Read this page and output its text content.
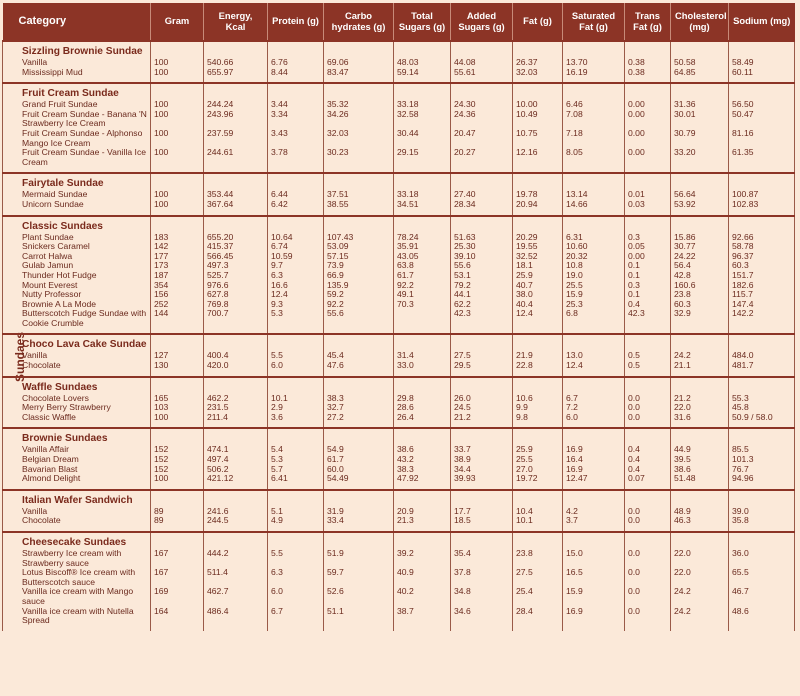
Sundaes
Category	Gram	Energy, Kcal	Protein (g)	Carbo hydrates (g)	Total Sugars (g)	Added Sugars (g)	Fat (g)	Saturated Fat (g)	Trans Fat (g)	Cholesterol (mg)	Sodium (mg)
Sizzling Brownie Sundae											
Vanilla	100	540.66	6.76	69.06	48.03	44.08	26.37	13.70	0.38	50.58	58.49
Mississippi Mud	100	655.97	8.44	83.47	59.14	55.61	32.03	16.19	0.38	64.85	60.11
Fruit Cream Sundae											
Grand Fruit Sundae	100	244.24	3.44	35.32	33.18	24.30	10.00	6.46	0.00	31.36	56.50
Fruit Cream Sundae - Banana 'N Strawberry Ice Cream	100	243.96	3.34	34.26	32.58	24.36	10.49	7.08	0.00	30.01	50.47
Fruit Cream Sundae - Alphonso Mango Ice Cream	100	237.59	3.43	32.03	30.44	20.47	10.75	7.18	0.00	30.79	81.16
Fruit Cream Sundae - Vanilla Ice Cream	100	244.61	3.78	30.23	29.15	20.27	12.16	8.05	0.00	33.20	61.35
Fairytale Sundae											
Mermaid Sundae	100	353.44	6.44	37.51	33.18	27.40	19.78	13.14	0.01	56.64	100.87
Unicorn Sundae	100	367.64	6.42	38.55	34.51	28.34	20.94	14.66	0.03	53.92	102.83
Classic Sundaes											
Plant Sundae	183	655.20	10.64	107.43	78.24	51.63	20.29	6.31	0.3	15.86	92.66
Snickers Caramel	142	415.37	6.74	53.09	35.91	25.30	19.55	10.60	0.05	30.77	58.78
Carrot Halwa	177	566.45	10.59	57.15	43.05	39.10	32.52	20.32	0.00	24.22	96.37
Gulab Jamun	173	497.3	9.7	73.9	63.8	55.6	18.1	10.8	0.1	56.4	60.3
Thunder Hot Fudge	187	525.7	6.3	66.9	61.7	53.1	25.9	19.0	0.1	42.8	151.7
Mount Everest	354	976.6	16.6	135.9	92.2	79.2	40.7	25.5	0.3	160.6	182.6
Nutty Professor	156	627.8	12.4	59.2	49.1	44.1	38.0	15.9	0.1	23.8	115.7
Brownie A La Mode	252	769.8	9.3	92.2	70.3	62.2	40.4	25.3	0.4	60.3	147.4
Butterscotch Fudge Sundae with Cookie Crumble	144	700.7	5.3	55.6		42.3	12.4	6.8	42.3	32.9	142.2
Choco Lava Cake Sundae											
Vanilla	127	400.4	5.5	45.4	31.4	27.5	21.9	13.0	0.5	24.2	484.0
Chocolate	130	420.0	6.0	47.6	33.0	29.5	22.8	12.4	0.5	21.1	481.7
Waffle Sundaes											
Chocolate Lovers	165	462.2	10.1	38.3	29.8	26.0	10.6	6.7	0.0	21.2	55.3
Merry Berry Strawberry	103	231.5	2.9	32.7	28.6	24.5	9.9	7.2	0.0	22.0	45.8
Classic Waffle	100	211.4	3.6	27.2	26.4	21.2	9.8	6.0	0.0	31.6	50.9 / 58.0
Brownie Sundaes											
Vanilla Affair	152	474.1	5.4	54.9	38.6	33.7	25.9	16.9	0.4	44.9	85.5
Belgian Dream	152	497.4	5.3	61.7	43.2	38.9	25.5	16.4	0.4	39.5	101.3
Bavarian Blast	152	506.2	5.7	60.0	38.3	34.4	27.0	16.9	0.4	38.6	76.7
Almond Delight	100	421.12	6.41	54.49	47.92	39.93	19.72	12.47	0.07	51.48	94.96
Italian Wafer Sandwich											
Vanilla	89	241.6	5.1	31.9	20.9	17.7	10.4	4.2	0.0	48.9	39.0
Chocolate	89	244.5	4.9	33.4	21.3	18.5	10.1	3.7	0.0	46.3	35.8
Cheesecake Sundaes											
Strawberry Ice cream with Strawberry sauce	167	444.2	5.5	51.9	39.2	35.4	23.8	15.0	0.0	22.0	36.0
Lotus Biscoff® Ice cream with Butterscotch sauce	167	511.4	6.3	59.7	40.9	37.8	27.5	16.5	0.0	22.0	65.5
Vanilla ice cream with Mango sauce	169	462.7	6.0	52.6	40.2	34.8	25.4	15.9	0.0	24.2	46.7
Vanilla ice cream with Nutella Spread	164	486.4	6.7	51.1	38.7	34.6	28.4	16.9	0.0	24.2	48.6
